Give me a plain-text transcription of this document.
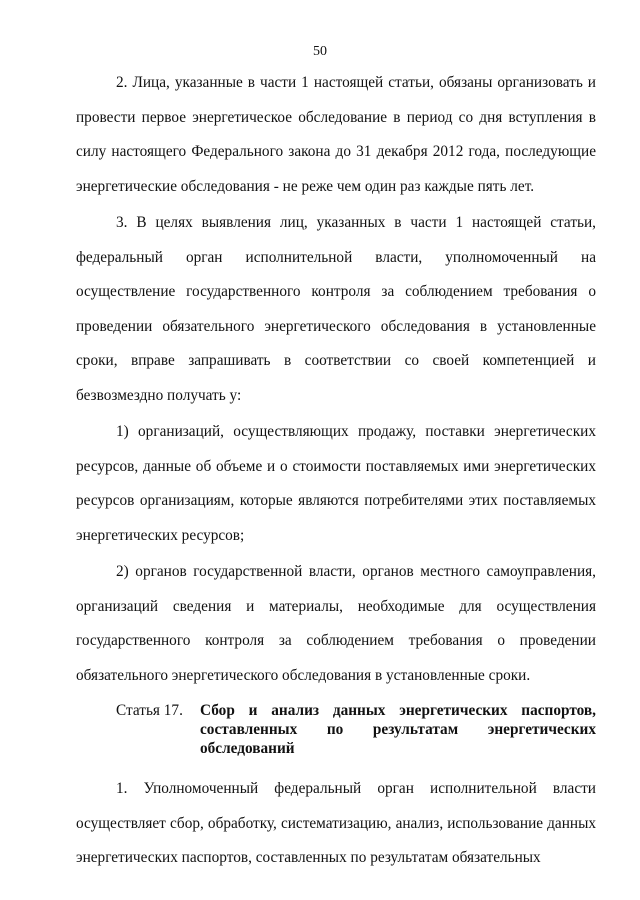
50

2. Лица, указанные в части 1 настоящей статьи, обязаны организовать и провести первое энергетическое обследование в период со дня вступления в силу настоящего Федерального закона до 31 декабря 2012 года, последующие энергетические обследования - не реже чем один раз каждые пять лет.

3. В целях выявления лиц, указанных в части 1 настоящей статьи, федеральный орган исполнительной власти, уполномоченный на осуществление государственного контроля за соблюдением требования о проведении обязательного энергетического обследования в установленные сроки, вправе запрашивать в соответствии со своей компетенцией и безвозмездно получать у:

1) организаций, осуществляющих продажу, поставки энергетических ресурсов, данные об объеме и о стоимости поставляемых ими энергетических ресурсов организациям, которые являются потребителями этих поставляемых энергетических ресурсов;

2) органов государственной власти, органов местного самоуправления, организаций сведения и материалы, необходимые для осуществления государственного контроля за соблюдением требования о проведении обязательного энергетического обследования в установленные сроки.

Статья 17.	Сбор и анализ данных энергетических паспортов, составленных по результатам энергетических обследований

1. Уполномоченный федеральный орган исполнительной власти осуществляет сбор, обработку, систематизацию, анализ, использование данных энергетических паспортов, составленных по результатам обязательных
